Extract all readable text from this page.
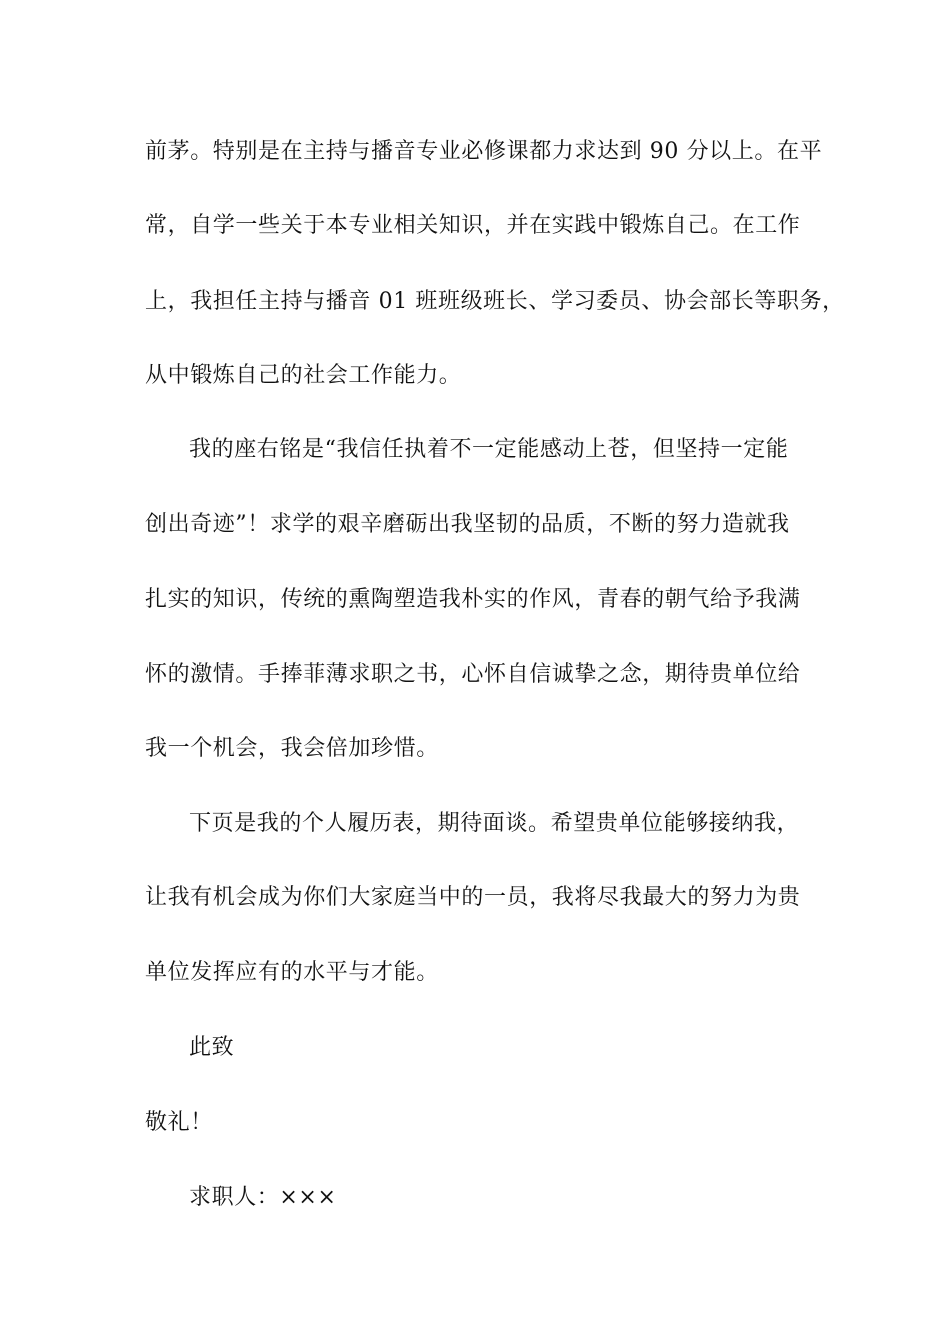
前茅。特别是在主持与播音专业必修课都力求达到 90 分以上。在平
常，自学一些关于本专业相关知识，并在实践中锻炼自己。在工作
上，我担任主持与播音 01 班班级班长、学习委员、协会部长等职务，
从中锻炼自己的社会工作能力。
我的座右铭是“我信任执着不一定能感动上苍，但坚持一定能
创出奇迹”！求学的艰辛磨砺出我坚韧的品质，不断的努力造就我
扎实的知识，传统的熏陶塑造我朴实的作风，青春的朝气给予我满
怀的激情。手捧菲薄求职之书，心怀自信诚挚之念，期待贵单位给
我一个机会，我会倍加珍惜。
下页是我的个人履历表，期待面谈。希望贵单位能够接纳我，
让我有机会成为你们大家庭当中的一员，我将尽我最大的努力为贵
单位发挥应有的水平与才能。
此致
敬礼！
求职人：×××
